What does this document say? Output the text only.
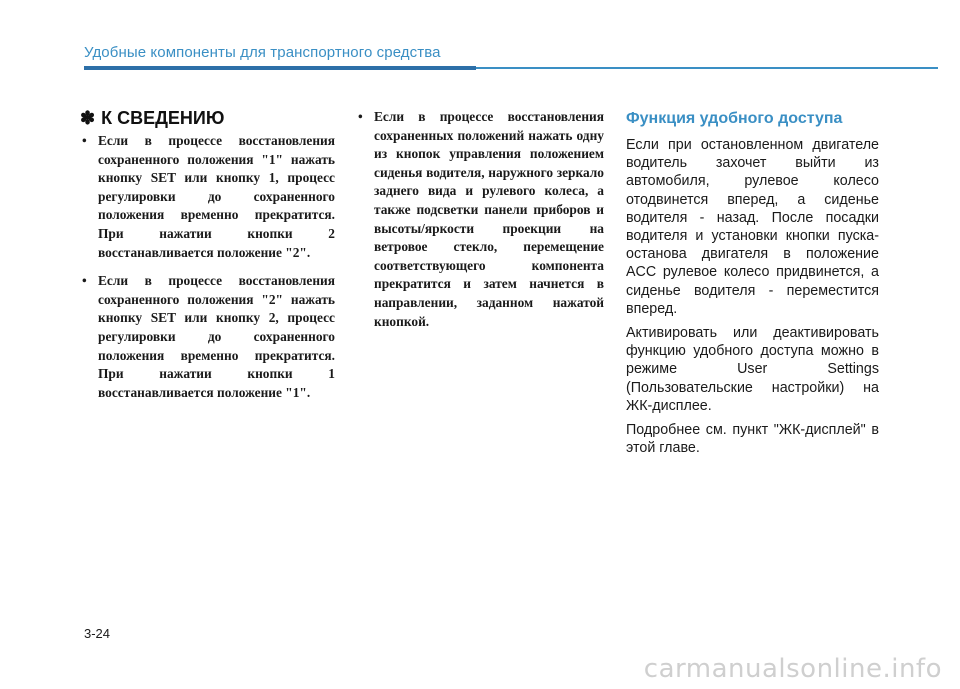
Удобные компоненты для транспортного средства
✽ К СВЕДЕНИЮ
• Если в процессе восстановления сохраненного положения "1" нажать кнопку SET или кнопку 1, процесс регулировки до сохраненного положения временно прекратится. При нажатии кнопки 2 восстанавливается положение "2".
• Если в процессе восстановления сохраненного положения "2" нажать кнопку SET или кнопку 2, процесс регулировки до сохраненного положения временно прекратится. При нажатии кнопки 1 восстанавливается положение "1".
• Если в процессе восстановления сохраненных положений нажать одну из кнопок управления положением сиденья водителя, наружного зеркало заднего вида и рулевого колеса, а также подсветки панели приборов и высоты/яркости проекции на ветровое стекло, перемещение соответствующего компонента прекратится и затем начнется в направлении, заданном нажатой кнопкой.
Функция удобного доступа

Если при остановленном двигателе водитель захочет выйти из автомобиля, рулевое колесо отодвинется вперед, а сиденье водителя - назад. После посадки водителя и установки кнопки пуска-останова двигателя в положение ACC рулевое колесо придвинется, а сиденье водителя - переместится вперед.

Активировать или деактивировать функцию удобного доступа можно в режиме User Settings (Пользовательские настройки) на ЖК-дисплее.

Подробнее см. пункт "ЖК-дисплей" в этой главе.

3-24
carmanualsonline.info
